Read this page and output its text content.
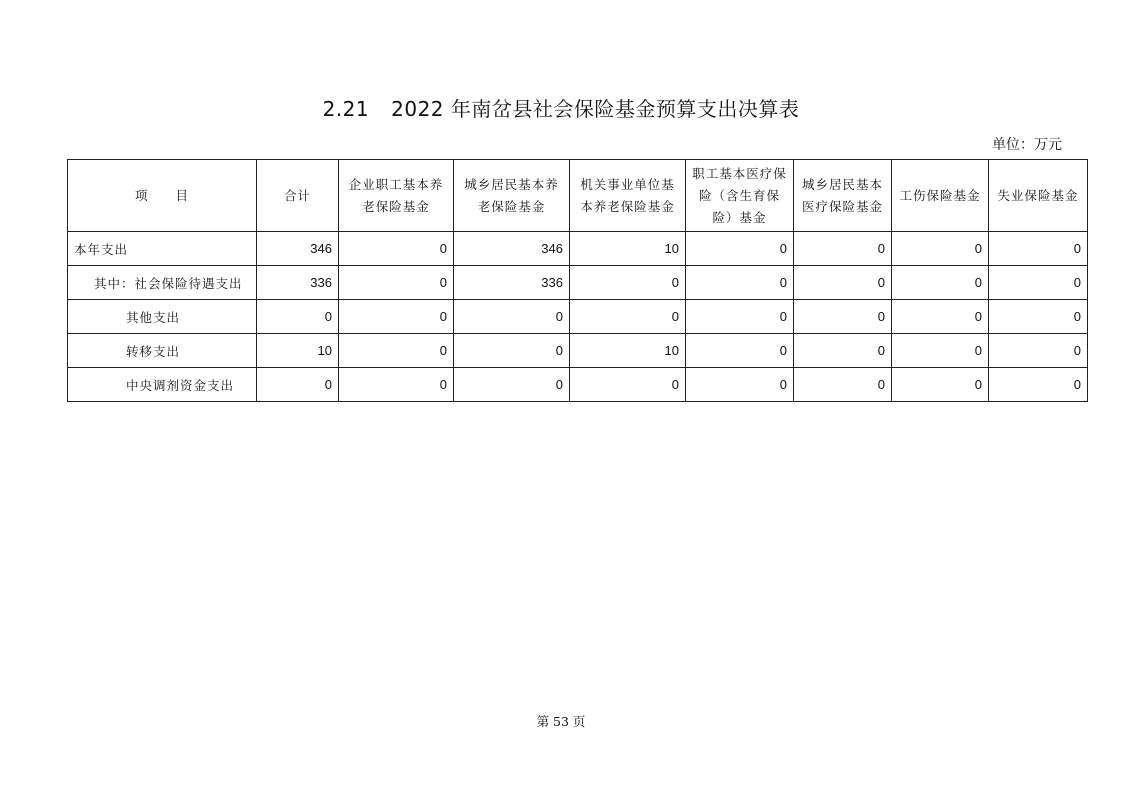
2.21 2022 年南岔县社会保险基金预算支出决算表
单位：万元
项　　目	合计	企业职工基本养老保险基金	城乡居民基本养老保险基金	机关事业单位基本养老保险基金	职工基本医疗保险（含生育保险）基金	城乡居民基本医疗保险基金	工伤保险基金	失业保险基金
本年支出	346	0	346	10	0	0	0	0
其中：社会保险待遇支出	336	0	336	0	0	0	0	0
其他支出	0	0	0	0	0	0	0	0
转移支出	10	0	0	10	0	0	0	0
中央调剂资金支出	0	0	0	0	0	0	0	0
第 53 页
